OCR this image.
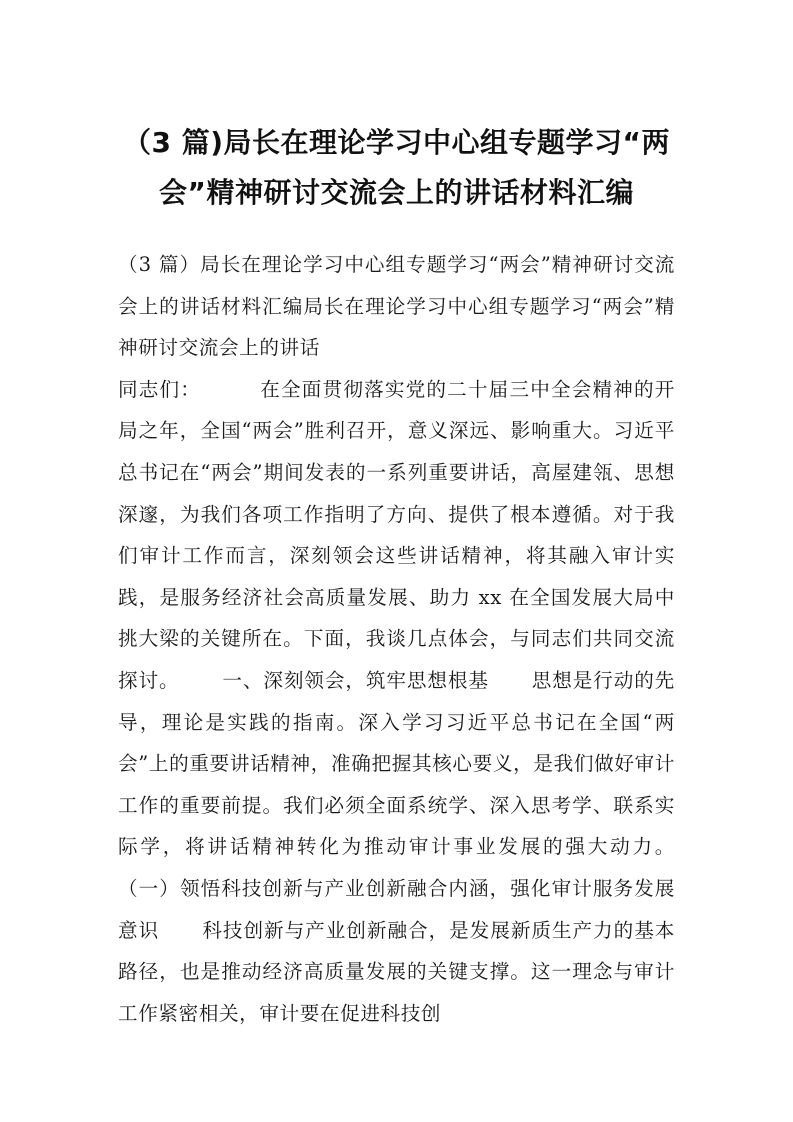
（3 篇)局长在理论学习中心组专题学习“两会”精神研讨交流会上的讲话材料汇编

（3 篇）局长在理论学习中心组专题学习“两会”精神研讨交流会上的讲话材料汇编局长在理论学习中心组专题学习“两会”精神研讨交流会上的讲话

同志们：        在全面贯彻落实党的二十届三中全会精神的开局之年，全国“两会”胜利召开，意义深远、影响重大。习近平总书记在“两会”期间发表的一系列重要讲话，高屋建瓴、思想深邃，为我们各项工作指明了方向、提供了根本遵循。对于我们审计工作而言，深刻领会这些讲话精神，将其融入审计实践，是服务经济社会高质量发展、助力 xx 在全国发展大局中挑大梁的关键所在。下面，我谈几点体会，与同志们共同交流探讨。      一、深刻领会，筑牢思想根基      思想是行动的先导，理论是实践的指南。深入学习习近平总书记在全国“两会”上的重要讲话精神，准确把握其核心要义，是我们做好审计工作的重要前提。我们必须全面系统学、深入思考学、联系实际学，将讲话精神转化为推动审计事业发展的强大动力。      （一）领悟科技创新与产业创新融合内涵，强化审计服务发展意识      科技创新与产业创新融合，是发展新质生产力的基本路径，也是推动经济高质量发展的关键支撑。这一理念与审计工作紧密相关，审计要在促进科技创
